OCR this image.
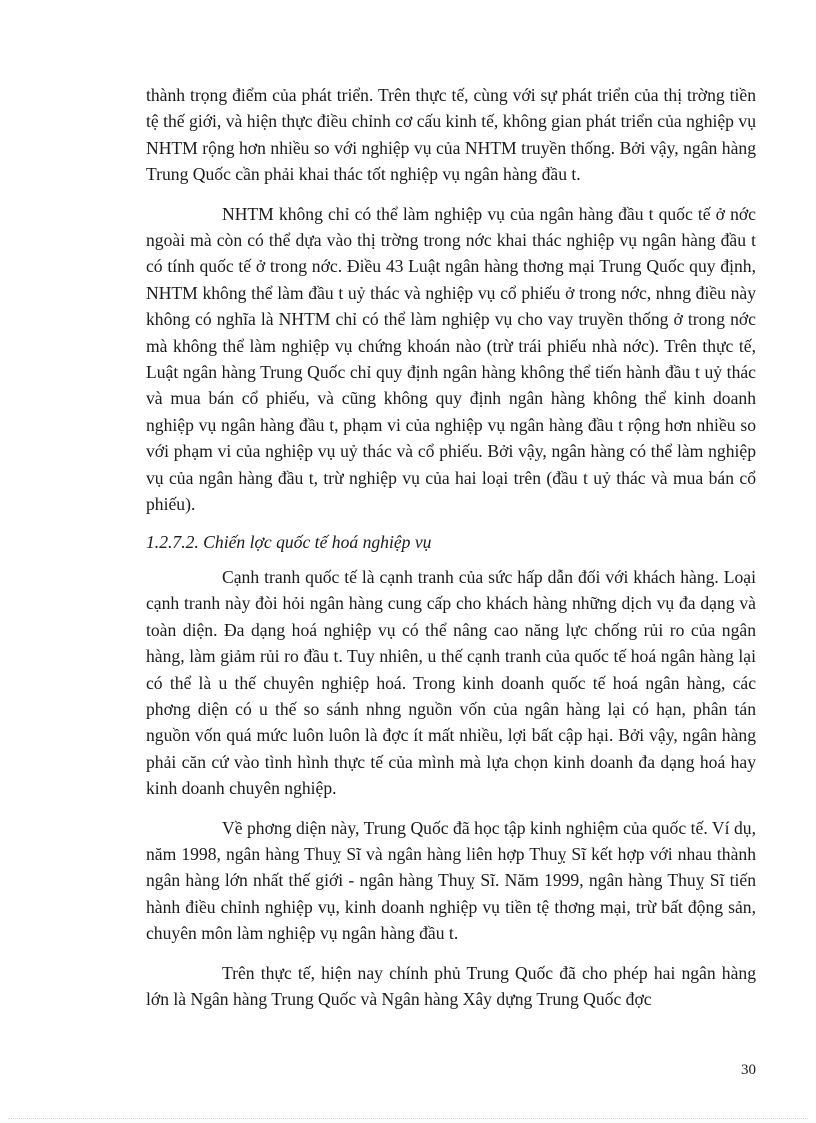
thành trọng điểm của phát triển. Trên thực tế, cùng với sự phát triển của thị trờng tiền tệ thế giới, và hiện thực điều chỉnh cơ cấu kinh tế, không gian phát triển của nghiệp vụ NHTM rộng hơn nhiều so với nghiệp vụ của NHTM truyền thống. Bởi vậy, ngân hàng Trung Quốc cần phải khai thác tốt nghiệp vụ ngân hàng đầu t.

NHTM không chỉ có thể làm nghiệp vụ của ngân hàng đầu t quốc tế ở nớc ngoài mà còn có thể dựa vào thị trờng trong nớc khai thác nghiệp vụ ngân hàng đầu t có tính quốc tế ở trong nớc. Điều 43 Luật ngân hàng thơng mại Trung Quốc quy định, NHTM không thể làm đầu t uỷ thác và nghiệp vụ cổ phiếu ở trong nớc, nhng điều này không có nghĩa là NHTM chỉ có thể làm nghiệp vụ cho vay truyền thống ở trong nớc mà không thể làm nghiệp vụ chứng khoán nào (trừ trái phiếu nhà nớc). Trên thực tế, Luật ngân hàng Trung Quốc chỉ quy định ngân hàng không thể tiến hành đầu t uỷ thác và mua bán cổ phiếu, và cũng không quy định ngân hàng không thể kinh doanh nghiệp vụ ngân hàng đầu t, phạm vi của nghiệp vụ ngân hàng đầu t rộng hơn nhiều so với phạm vi của nghiệp vụ uỷ thác và cổ phiếu. Bởi vậy, ngân hàng có thể làm nghiệp vụ của ngân hàng đầu t, trừ nghiệp vụ của hai loại trên (đầu t uỷ thác và mua bán cổ phiếu).

1.2.7.2. Chiến lợc quốc tế hoá nghiệp vụ

Cạnh tranh quốc tế là cạnh tranh của sức hấp dẫn đối với khách hàng. Loại cạnh tranh này đòi hỏi ngân hàng cung cấp cho khách hàng những dịch vụ đa dạng và toàn diện. Đa dạng hoá nghiệp vụ có thể nâng cao năng lực chống rủi ro của ngân hàng, làm giảm rủi ro đầu t. Tuy nhiên, u thế cạnh tranh của quốc tế hoá ngân hàng lại có thể là u thế chuyên nghiệp hoá. Trong kinh doanh quốc tế hoá ngân hàng, các phơng diện có u thế so sánh nhng nguồn vốn của ngân hàng lại có hạn, phân tán nguồn vốn quá mức luôn luôn là đợc ít mất nhiều, lợi bất cập hại. Bởi vậy, ngân hàng phải căn cứ vào tình hình thực tế của mình mà lựa chọn kinh doanh đa dạng hoá hay kinh doanh chuyên nghiệp.

Về phơng diện này, Trung Quốc đã học tập kinh nghiệm của quốc tế. Ví dụ, năm 1998, ngân hàng Thuỵ Sĩ và ngân hàng liên hợp Thuỵ Sĩ kết hợp với nhau thành ngân hàng lớn nhất thế giới - ngân hàng Thuỵ Sĩ. Năm 1999, ngân hàng Thuỵ Sĩ tiến hành điều chỉnh nghiệp vụ, kinh doanh nghiệp vụ tiền tệ thơng mại, trừ bất động sản, chuyên môn làm nghiệp vụ ngân hàng đầu t.

Trên thực tế, hiện nay chính phủ Trung Quốc đã cho phép hai ngân hàng lớn là Ngân hàng Trung Quốc và Ngân hàng Xây dựng Trung Quốc đợc

30
